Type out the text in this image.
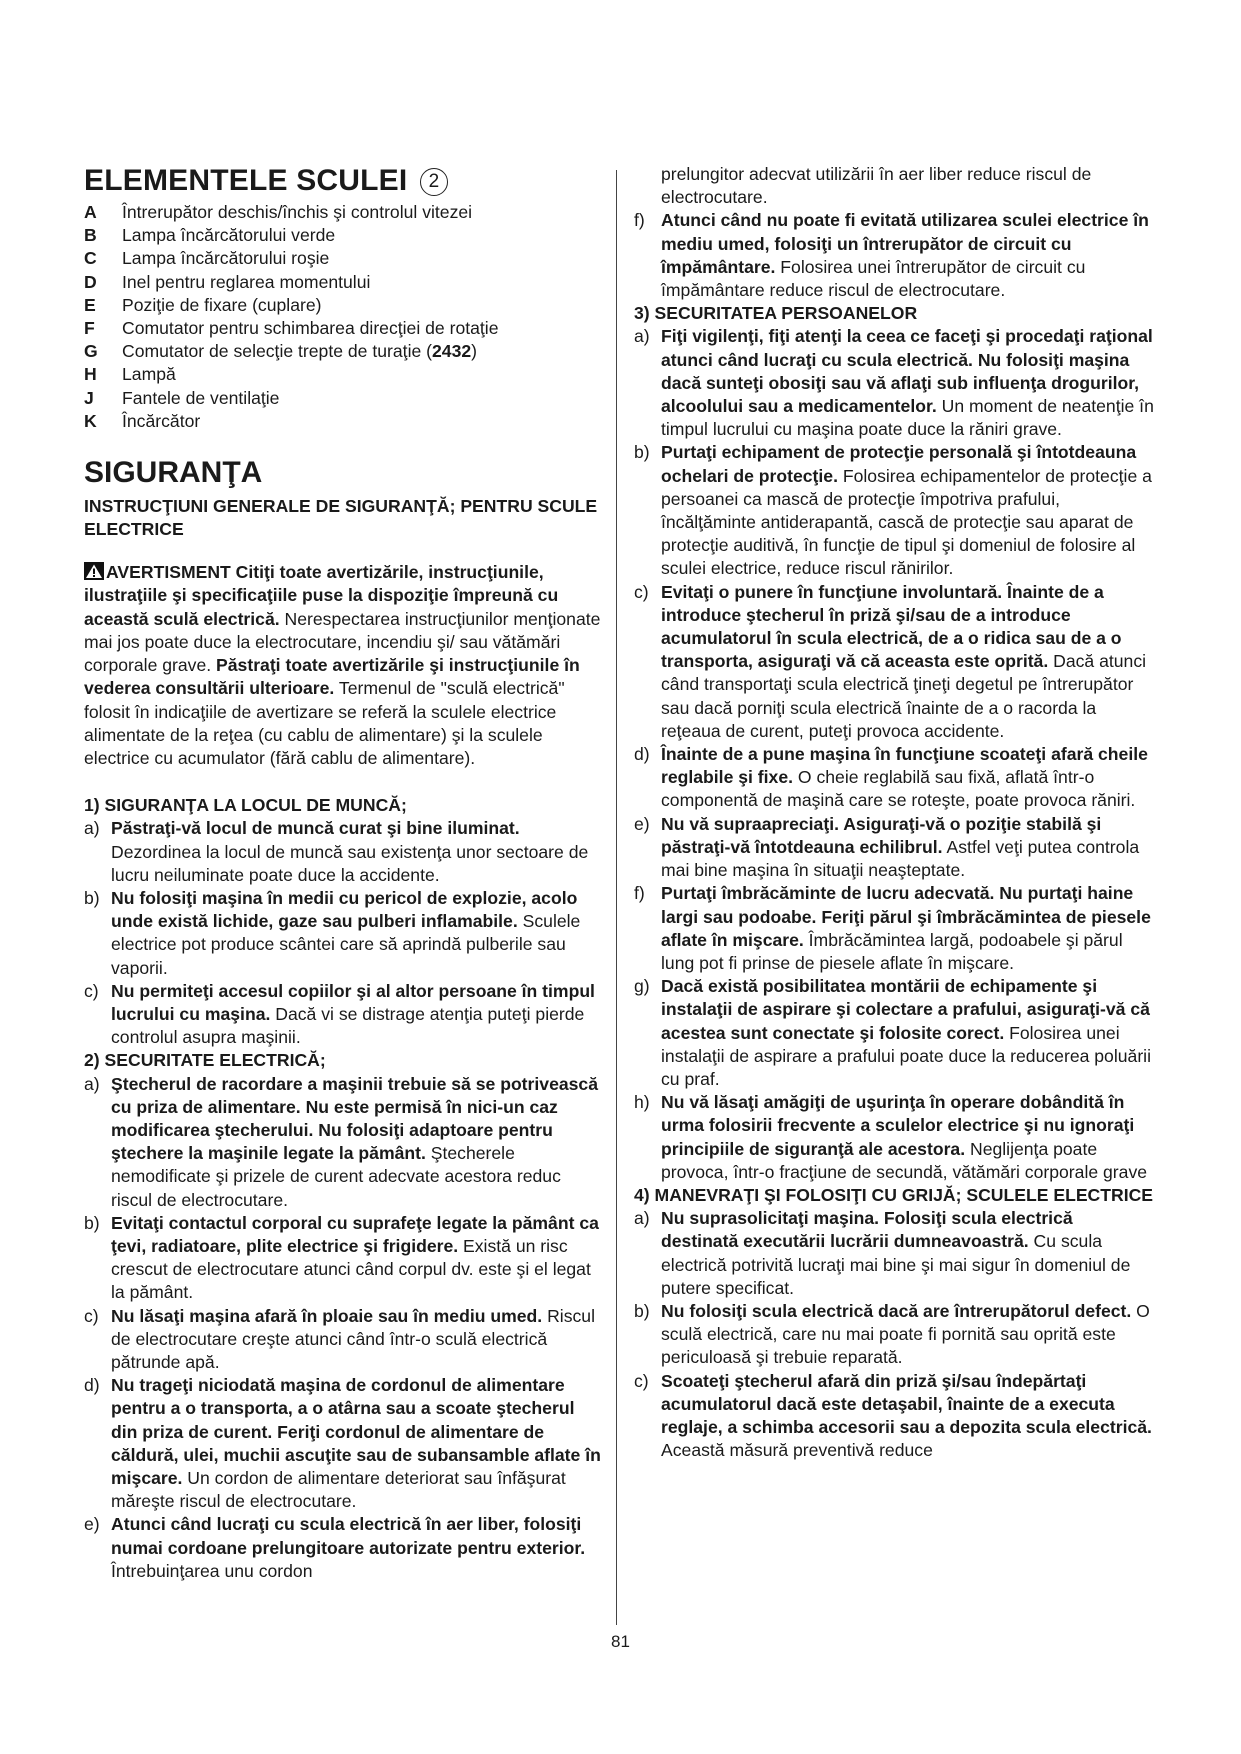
ELEMENTELE SCULEI 2
A	Întrerupător deschis/închis şi controlul vitezei
B	Lampa încărcătorului verde
C	Lampa încărcătorului roşie
D	Inel pentru reglarea momentului
E	Poziţie de fixare (cuplare)
F	Comutator pentru schimbarea direcţiei de rotaţie
G	Comutator de selecţie trepte de turaţie (2432)
H	Lampă
J	Fantele de ventilaţie
K	Încărcător
SIGURANŢA
INSTRUCŢIUNI GENERALE DE SIGURANŢĂ; PENTRU SCULE ELECTRICE
AVERTISMENT Citiţi toate avertizările, instrucţiunile, ilustraţiile şi specificaţiile puse la dispoziţie împreună cu această sculă electrică. Nerespectarea instrucţiunilor menţionate mai jos poate duce la electrocutare, incendiu şi/ sau vătămări corporale grave. Păstraţi toate avertizările şi instrucţiunile în vederea consultării ulterioare. Termenul de "sculă electrică" folosit în indicaţiile de avertizare se referă la sculele electrice alimentate de la reţea (cu cablu de alimentare) şi la sculele electrice cu acumulator (fără cablu de alimentare).
1) SIGURANŢA LA LOCUL DE MUNCĂ;
a) Păstraţi-vă locul de muncă curat şi bine iluminat. Dezordinea la locul de muncă sau existenţa unor sectoare de lucru neiluminate poate duce la accidente.
b) Nu folosiţi maşina în medii cu pericol de explozie, acolo unde există lichide, gaze sau pulberi inflamabile. Sculele electrice pot produce scântei care să aprindă pulberile sau vaporii.
c) Nu permiteţi accesul copiilor şi al altor persoane în timpul lucrului cu maşina. Dacă vi se distrage atenţia puteţi pierde controlul asupra maşinii.
2) SECURITATE ELECTRICĂ;
a) Ştecherul de racordare a maşinii trebuie să se potrivească cu priza de alimentare. Nu este permisă în nici-un caz modificarea ştecherului. Nu folosiţi adaptoare pentru ştechere la maşinile legate la pământ. Ştecherele nemodificate şi prizele de curent adecvate acestora reduc riscul de electrocutare.
b) Evitaţi contactul corporal cu suprafeţe legate la pământ ca ţevi, radiatoare, plite electrice şi frigidere. Există un risc crescut de electrocutare atunci când corpul dv. este şi el legat la pământ.
c) Nu lăsaţi maşina afară în ploaie sau în mediu umed. Riscul de electrocutare creşte atunci când într-o sculă electrică pătrunde apă.
d) Nu trageţi niciodată maşina de cordonul de alimentare pentru a o transporta, a o atârna sau a scoate ştecherul din priza de curent. Feriţi cordonul de alimentare de căldură, ulei, muchii ascuţite sau de subansamble aflate în mişcare. Un cordon de alimentare deteriorat sau înfăşurat măreşte riscul de electrocutare.
e) Atunci când lucraţi cu scula electrică în aer liber, folosiţi numai cordoane prelungitoare autorizate pentru exterior. Întrebuinţarea unu cordon
prelungitor adecvat utilizării în aer liber reduce riscul de electrocutare.
f) Atunci când nu poate fi evitată utilizarea sculei electrice în mediu umed, folosiţi un întrerupător de circuit cu împământare. Folosirea unei întrerupător de circuit cu împământare reduce riscul de electrocutare.
3) SECURITATEA PERSOANELOR
a) Fiţi vigilenţi, fiţi atenţi la ceea ce faceţi şi procedaţi raţional atunci când lucraţi cu scula electrică. Nu folosiţi maşina dacă sunteţi obosiţi sau vă aflaţi sub influenţa drogurilor, alcoolului sau a medicamentelor. Un moment de neatenţie în timpul lucrului cu maşina poate duce la răniri grave.
b) Purtaţi echipament de protecţie personală şi întotdeauna ochelari de protecţie. Folosirea echipamentelor de protecţie a persoanei ca mască de protecţie împotriva prafului, încălţăminte antiderapantă, cască de protecţie sau aparat de protecţie auditivă, în funcţie de tipul şi domeniul de folosire al sculei electrice, reduce riscul rănirilor.
c) Evitaţi o punere în funcţiune involuntară. Înainte de a introduce ştecherul în priză şi/sau de a introduce acumulatorul în scula electrică, de a o ridica sau de a o transporta, asiguraţi vă că aceasta este oprită. Dacă atunci când transportaţi scula electrică ţineţi degetul pe întrerupător sau dacă porniţi scula electrică înainte de a o racorda la reţeaua de curent, puteţi provoca accidente.
d) Înainte de a pune maşina în funcţiune scoateţi afară cheile reglabile şi fixe. O cheie reglabilă sau fixă, aflată într-o componentă de maşină care se roteşte, poate provoca răniri.
e) Nu vă supraapreciaţi. Asiguraţi-vă o poziţie stabilă şi păstraţi-vă întotdeauna echilibrul. Astfel veţi putea controla mai bine maşina în situaţii neaşteptate.
f) Purtaţi îmbrăcăminte de lucru adecvată. Nu purtaţi haine largi sau podoabe. Feriţi părul şi îmbrăcămintea de piesele aflate în mişcare. Îmbrăcămintea largă, podoabele şi părul lung pot fi prinse de piesele aflate în mişcare.
g) Dacă există posibilitatea montării de echipamente şi instalaţii de aspirare şi colectare a prafului, asiguraţi-vă că acestea sunt conectate şi folosite corect. Folosirea unei instalaţii de aspirare a prafului poate duce la reducerea poluării cu praf.
h) Nu vă lăsaţi amăgiţi de uşurinţa în operare dobândită în urma folosirii frecvente a sculelor electrice şi nu ignoraţi principiile de siguranţă ale acestora. Neglijenţa poate provoca, într-o fracţiune de secundă, vătămări corporale grave
4) MANEVRAŢI ŞI FOLOSIŢI CU GRIJĂ; SCULELE ELECTRICE
a) Nu suprasolicitaţi maşina. Folosiţi scula electrică destinată executării lucrării dumneavoastră. Cu scula electrică potrivită lucraţi mai bine şi mai sigur în domeniul de putere specificat.
b) Nu folosiţi scula electrică dacă are întrerupătorul defect. O sculă electrică, care nu mai poate fi pornită sau oprită este periculoasă şi trebuie reparată.
c) Scoateţi ştecherul afară din priză şi/sau îndepărtaţi acumulatorul dacă este detaşabil, înainte de a executa reglaje, a schimba accesorii sau a depozita scula electrică. Această măsură preventivă reduce
81
